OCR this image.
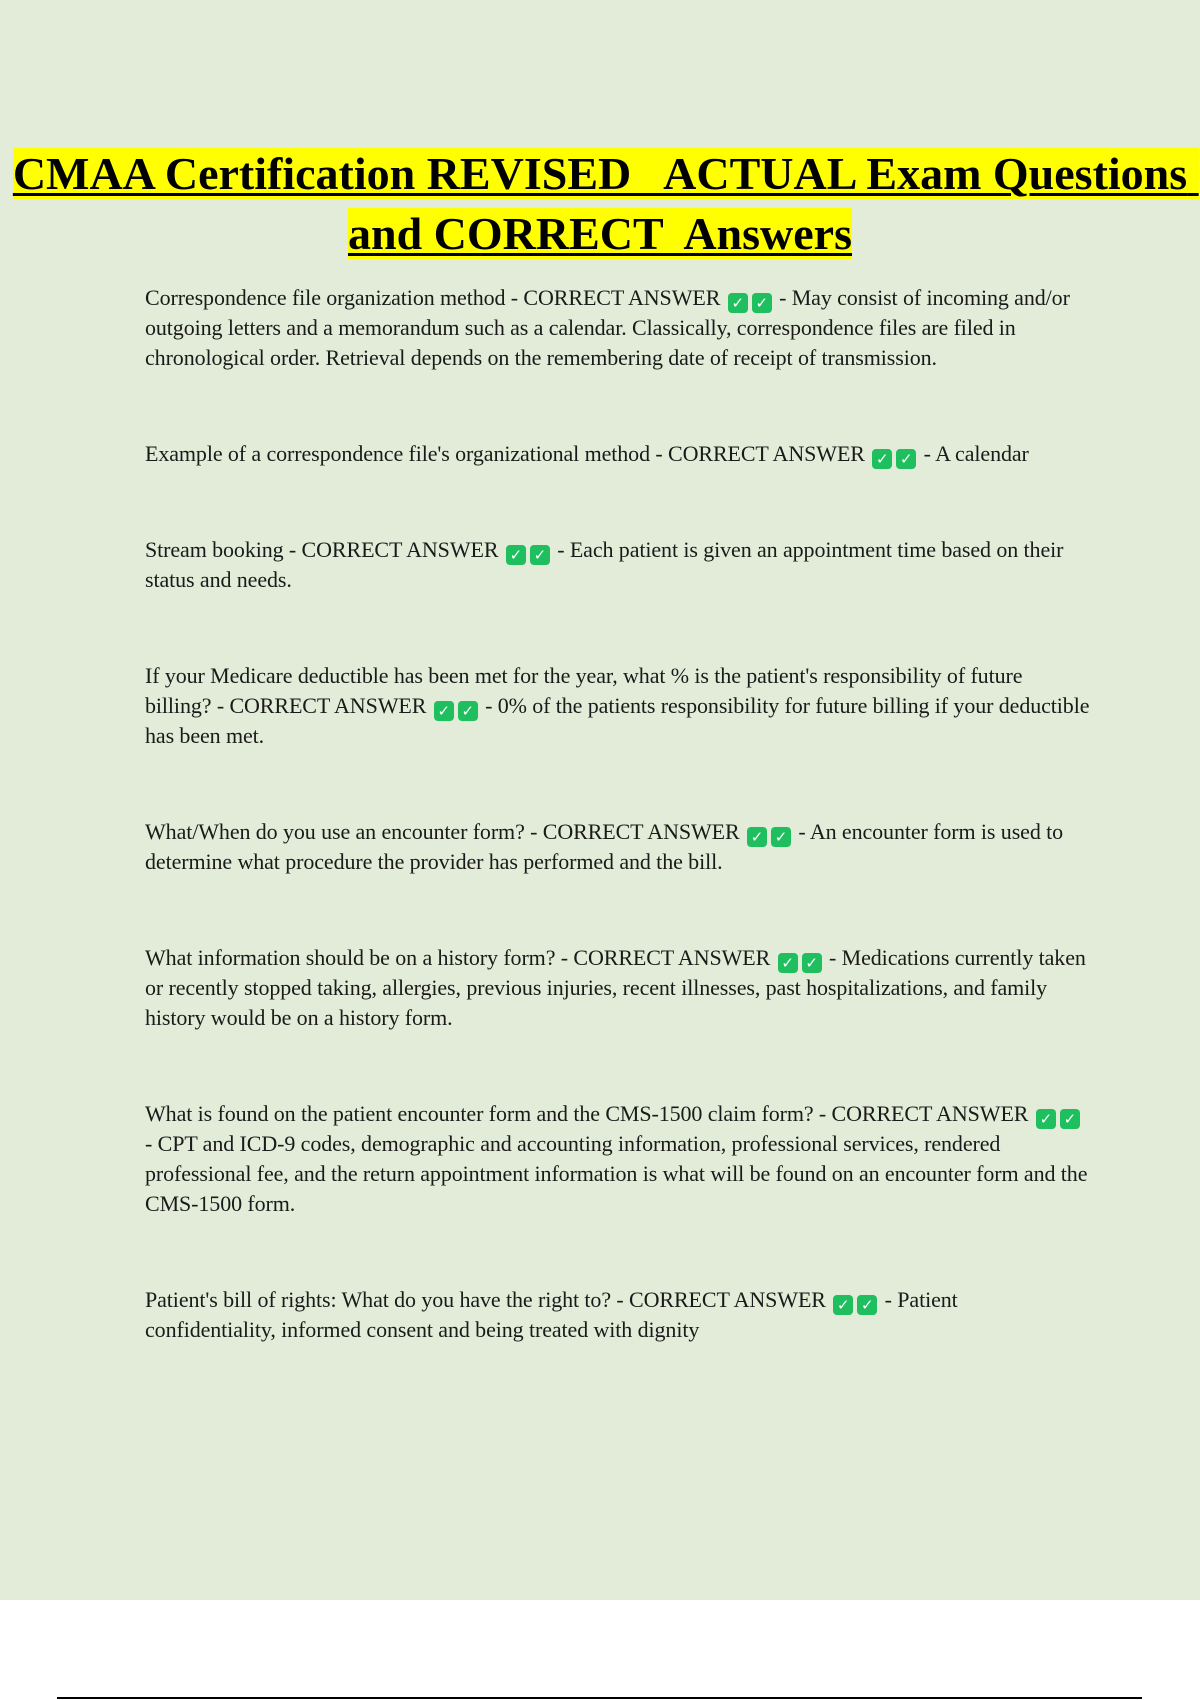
CMAA Certification REVISED   ACTUAL Exam Questions and CORRECT  Answers

Correspondence file organization method - CORRECT ANSWER ✓ ✓ - May consist of incoming and/or outgoing letters and a memorandum such as a calendar. Classically, correspondence files are filed in chronological order. Retrieval depends on the remembering date of receipt of transmission.

Example of a correspondence file's organizational method - CORRECT ANSWER ✓ ✓ - A calendar

Stream booking - CORRECT ANSWER ✓ ✓ - Each patient is given an appointment time based on their status and needs.

If your Medicare deductible has been met for the year, what % is the patient's responsibility of future billing? - CORRECT ANSWER ✓ ✓ - 0% of the patients responsibility for future billing if your deductible has been met.

What/When do you use an encounter form? - CORRECT ANSWER ✓ ✓ - An encounter form is used to determine what procedure the provider has performed and the bill.

What information should be on a history form? - CORRECT ANSWER ✓ ✓ - Medications currently taken or recently stopped taking, allergies, previous injuries, recent illnesses, past hospitalizations, and family history would be on a history form.

What is found on the patient encounter form and the CMS-1500 claim form? - CORRECT ANSWER ✓ ✓ - CPT and ICD-9 codes, demographic and accounting information, professional services, rendered professional fee, and the return appointment information is what will be found on an encounter form and the CMS-1500 form.

Patient's bill of rights: What do you have the right to? - CORRECT ANSWER ✓ ✓ - Patient confidentiality, informed consent and being treated with dignity
